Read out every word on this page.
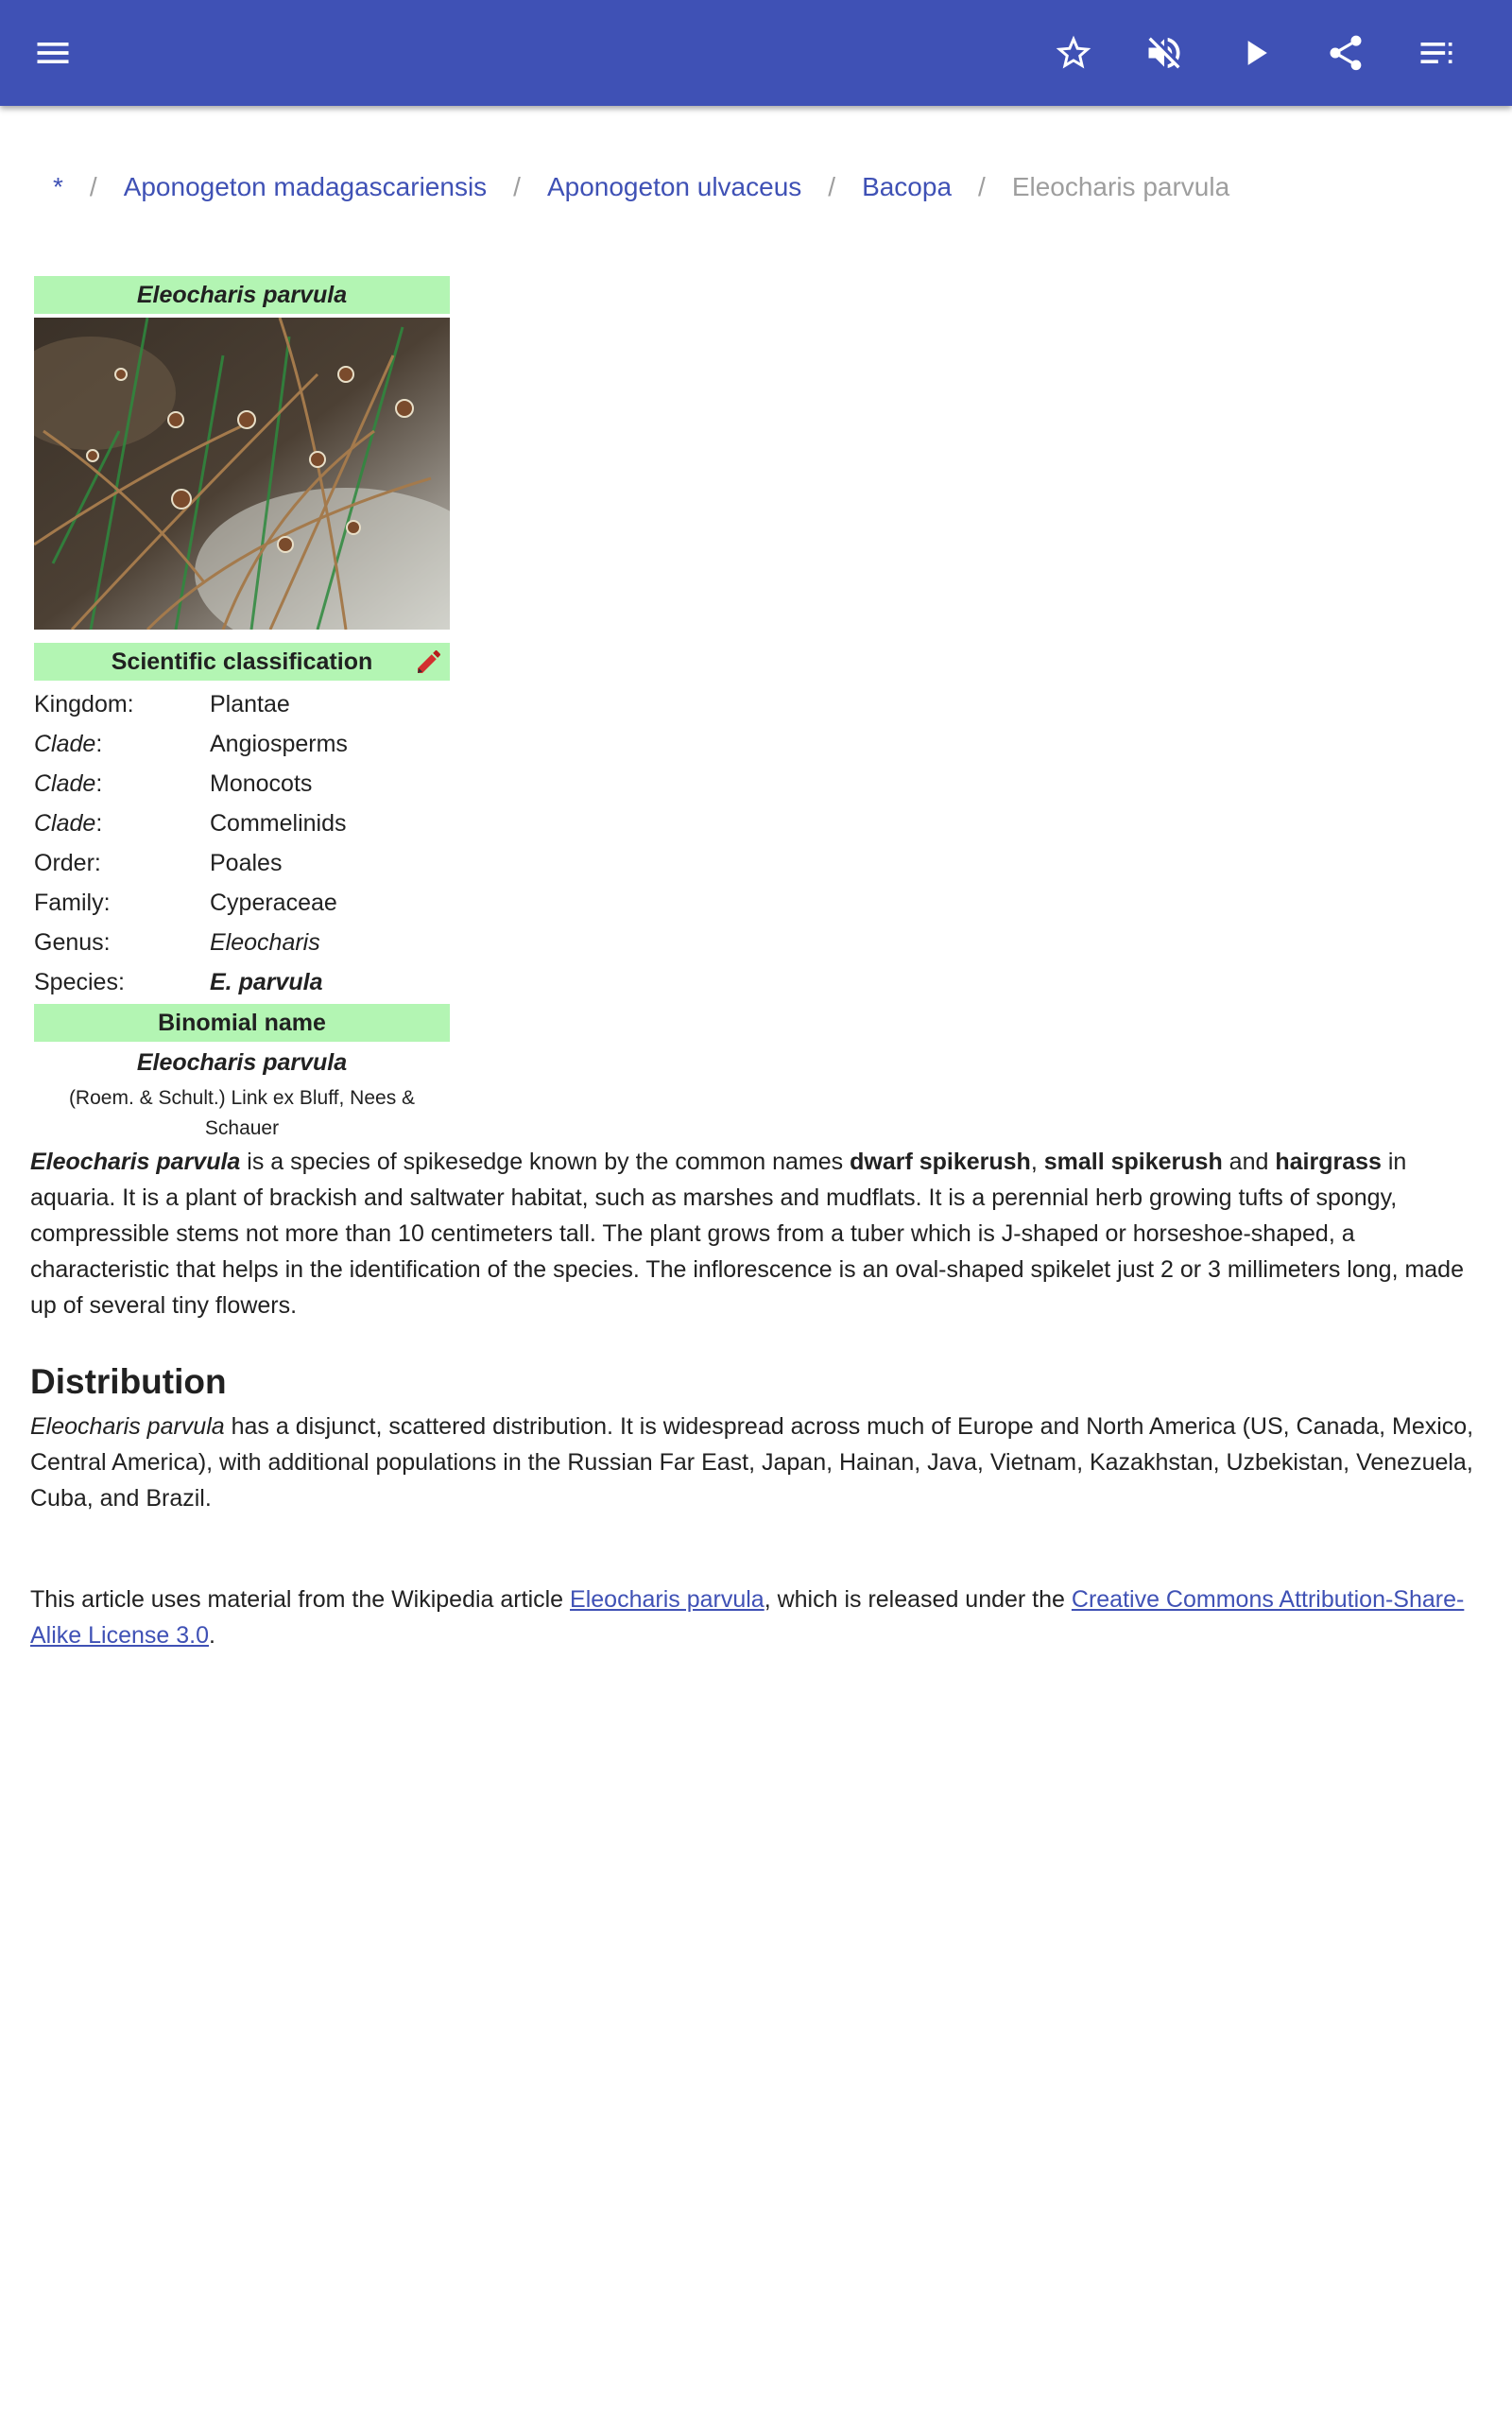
* / Aponogeton madagascariensis / Aponogeton ulvaceus / Bacopa / Eleocharis parvula
Eleocharis parvula
Scientific classification
Kingdom:	Plantae
Clade:	Angiosperms
Clade:	Monocots
Clade:	Commelinids
Order:	Poales
Family:	Cyperaceae
Genus:	Eleocharis
Species:	E. parvula
Binomial name
Eleocharis parvula
(Roem. & Schult.) Link ex Bluff, Nees & Schauer

Eleocharis parvula is a species of spikesedge known by the common names dwarf spikerush, small spikerush and hairgrass in aquaria. It is a plant of brackish and saltwater habitat, such as marshes and mudflats. It is a perennial herb growing tufts of spongy, compressible stems not more than 10 centimeters tall. The plant grows from a tuber which is J-shaped or horseshoe-shaped, a characteristic that helps in the identification of the species. The inflorescence is an oval-shaped spikelet just 2 or 3 millimeters long, made up of several tiny flowers.

Distribution

Eleocharis parvula has a disjunct, scattered distribution. It is widespread across much of Europe and North America (US, Canada, Mexico, Central America), with additional populations in the Russian Far East, Japan, Hainan, Java, Vietnam, Kazakhstan, Uzbekistan, Venezuela, Cuba, and Brazil.

This article uses material from the Wikipedia article Eleocharis parvula, which is released under the Creative Commons Attribution-Share-Alike License 3.0.
